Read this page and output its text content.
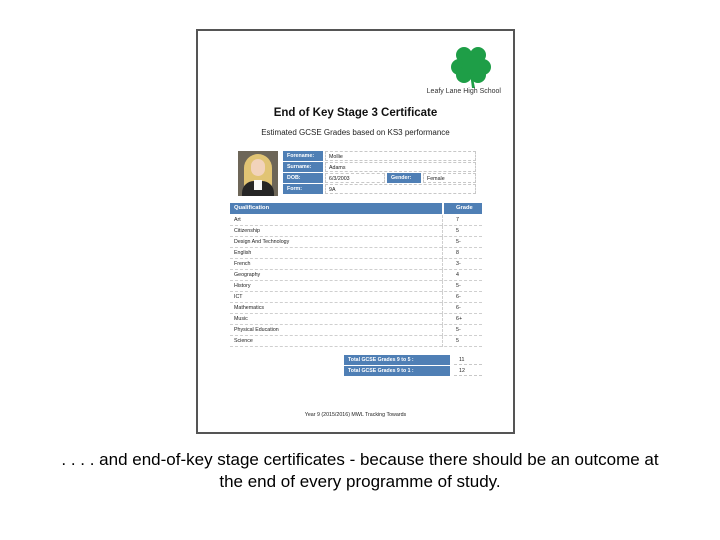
Leafy Lane High School
End of Key Stage 3 Certificate
Estimated GCSE Grades based on KS3 performance
Forename:	Mollie
Surname:	Adams
DOB:	6/3/2003	Gender:	Female
Form:	9A
Qualification	Grade
Art	7
Citizenship	5
Design And Technology	5-
English	8
French	3-
Geography	4
History	5-
ICT	6-
Mathematics	6-
Music	6+
Physical Education	5-
Science	5
Total GCSE Grades 9 to 5 :	11
Total GCSE Grades 9 to 1 :	12
Year 9 (2015/2016) MWL Tracking Towards
. . . . and end-of-key stage certificates - because there should be an outcome at the end of every programme of study.
